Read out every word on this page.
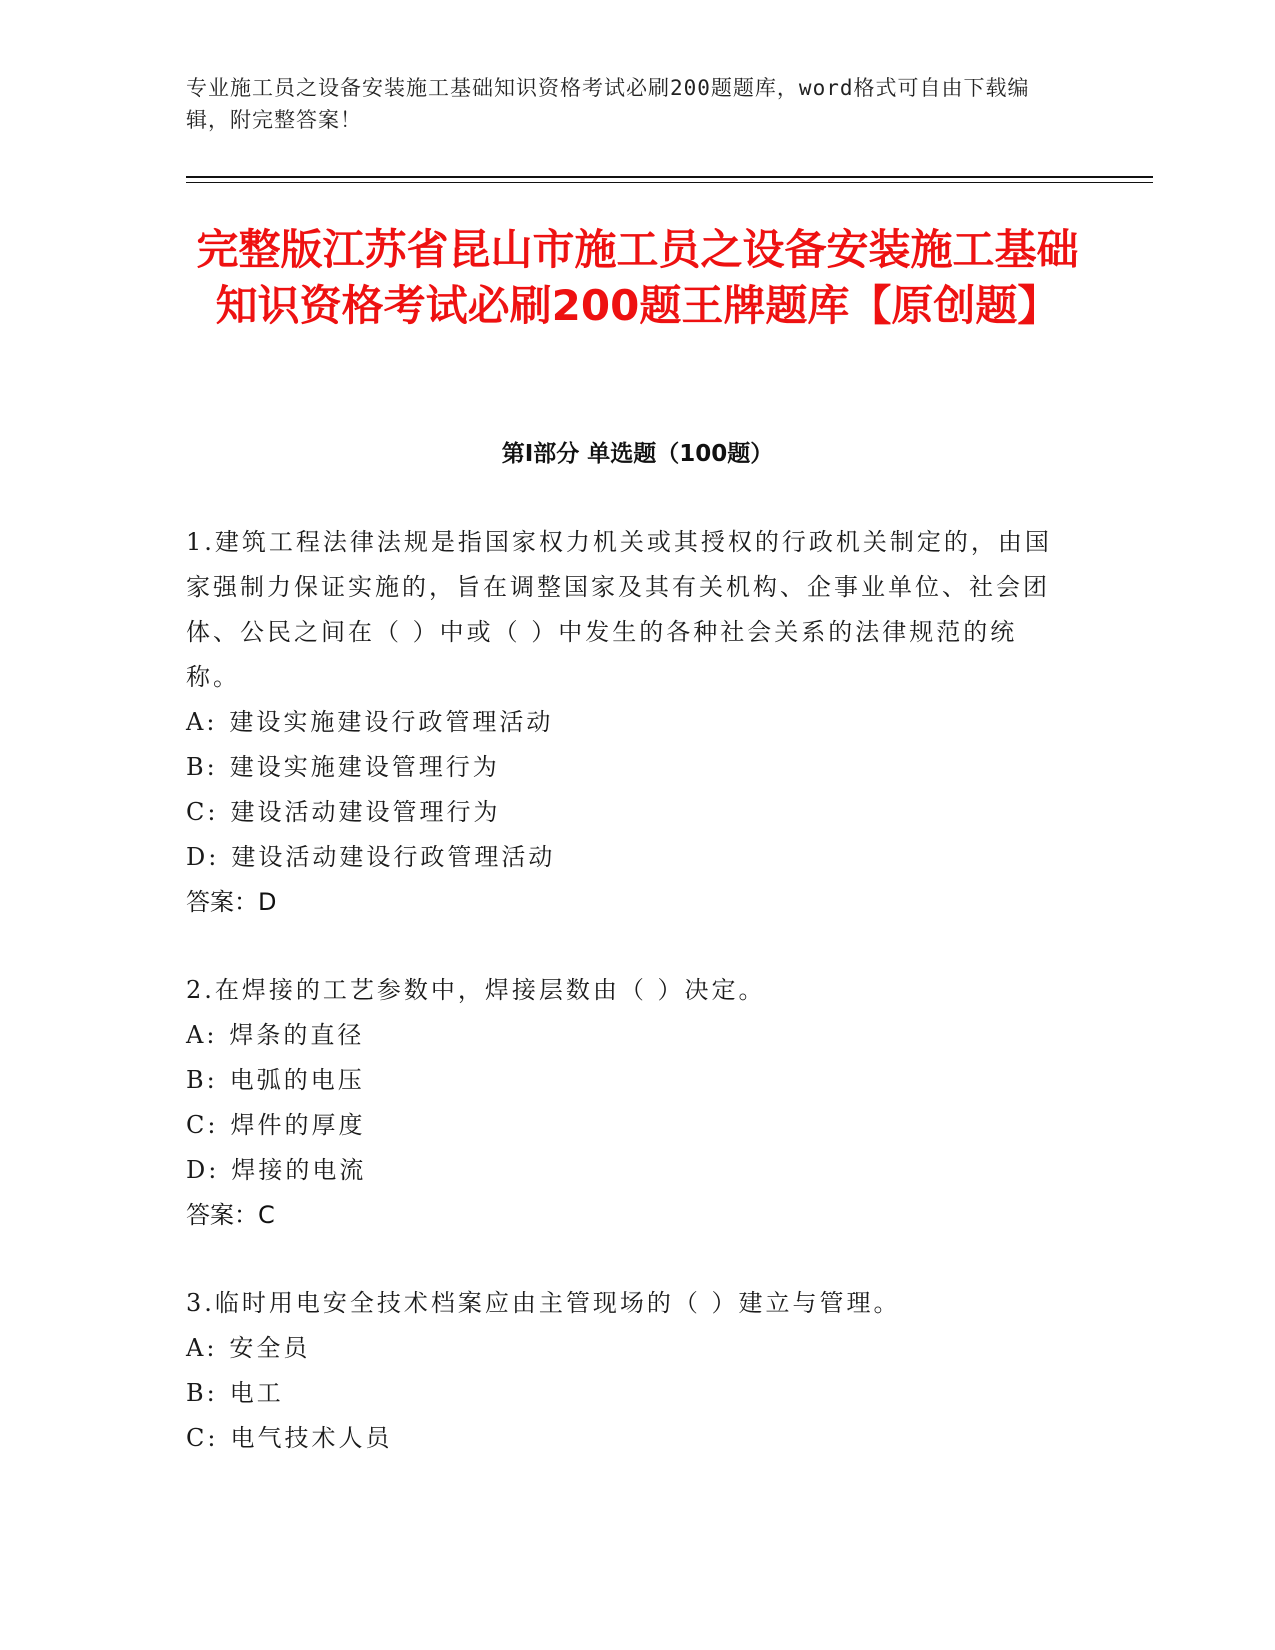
专业施工员之设备安装施工基础知识资格考试必刷200题题库，word格式可自由下载编辑，附完整答案！
完整版江苏省昆山市施工员之设备安装施工基础知识资格考试必刷200题王牌题库【原创题】
第Ⅰ部分 单选题（100题）

1.建筑工程法律法规是指国家权力机关或其授权的行政机关制定的，由国家强制力保证实施的，旨在调整国家及其有关机构、企事业单位、社会团体、公民之间在（ ）中或（ ）中发生的各种社会关系的法律规范的统称。

A: 建设实施建设行政管理活动

B: 建设实施建设管理行为

C: 建设活动建设管理行为

D: 建设活动建设行政管理活动

答案：D

2.在焊接的工艺参数中，焊接层数由（ ）决定。

A: 焊条的直径

B: 电弧的电压

C: 焊件的厚度

D: 焊接的电流

答案：C

3.临时用电安全技术档案应由主管现场的（ ）建立与管理。

A: 安全员

B: 电工

C: 电气技术人员
